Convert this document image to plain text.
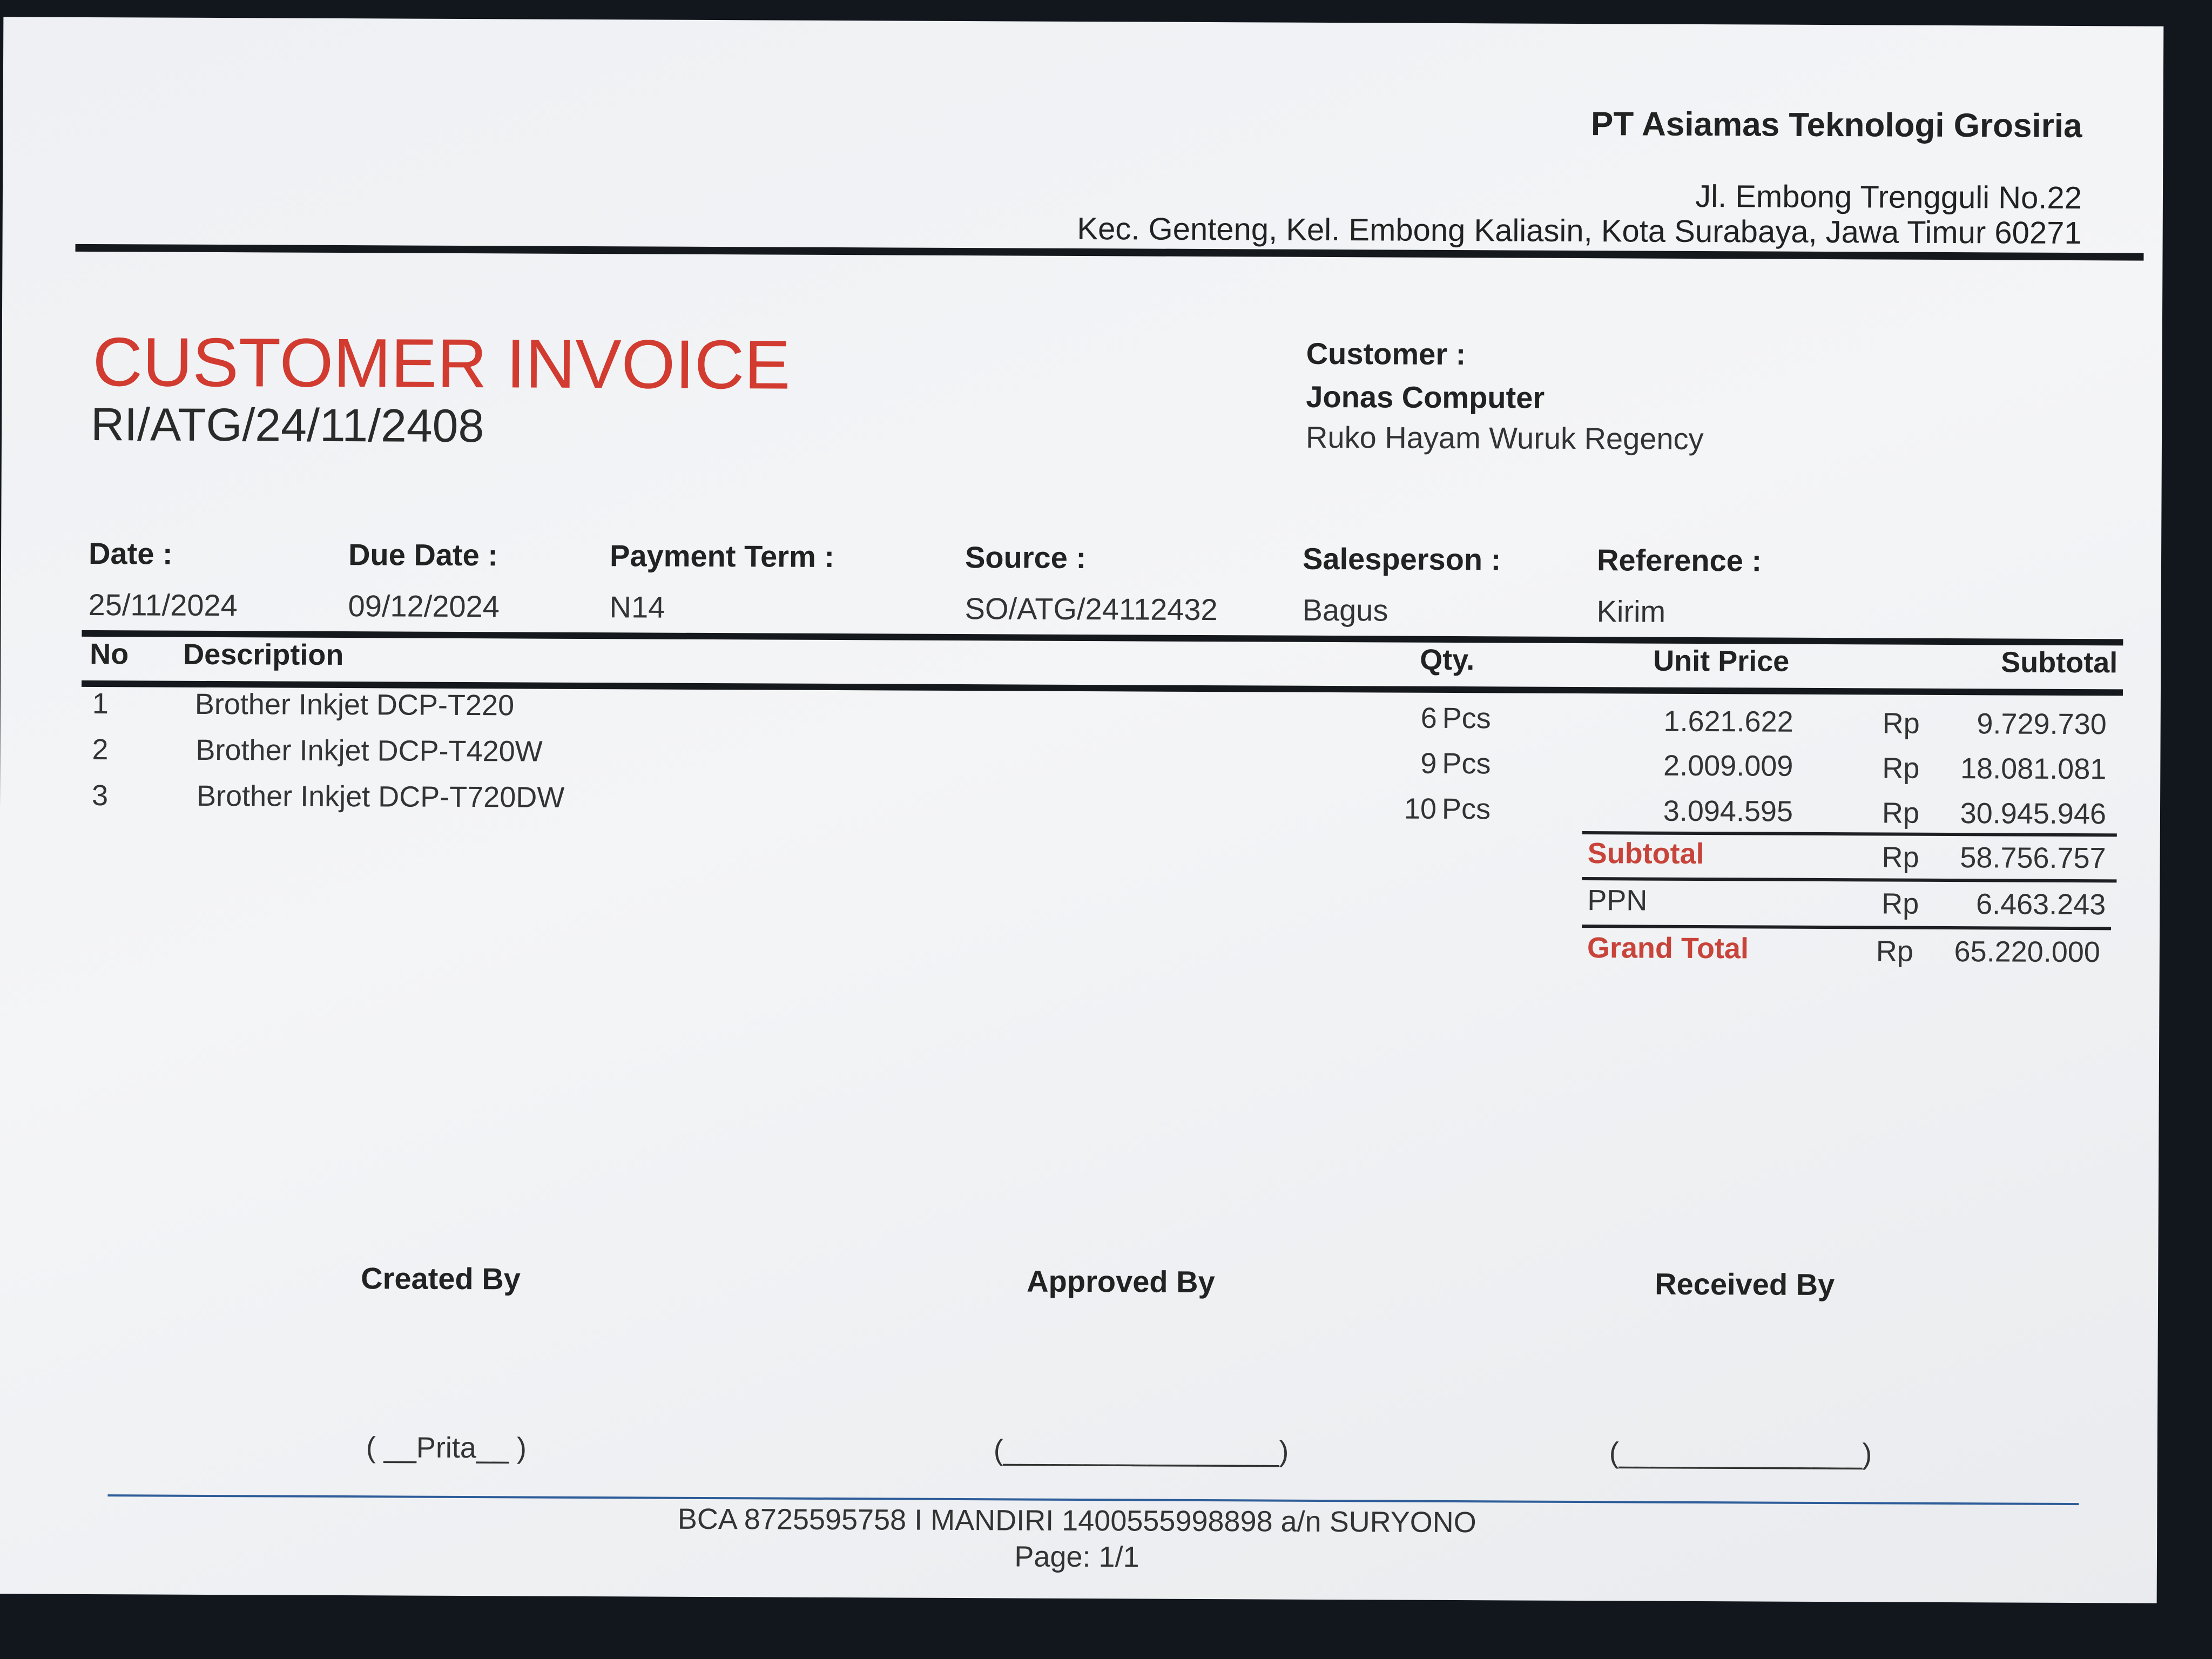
PT Asiamas Teknologi Grosiria
Jl. Embong Trengguli No.22
Kec. Genteng, Kel. Embong Kaliasin, Kota Surabaya, Jawa Timur 60271
CUSTOMER INVOICE
RI/ATG/24/11/2408
Customer :
Jonas Computer
Ruko Hayam Wuruk Regency
Date :
25/11/2024
Due Date :
09/12/2024
Payment Term :
N14
Source :
SO/ATG/24112432
Salesperson :
Bagus
Reference :
Kirim
No Description	Qty.	Unit Price	Subtotal
1	Brother Inkjet DCP-T220	6 Pcs	1.621.622	Rp	9.729.730
2	Brother Inkjet DCP-T420W	9 Pcs	2.009.009	Rp	18.081.081
3	Brother Inkjet DCP-T720DW	10 Pcs	3.094.595	Rp	30.945.946
Subtotal	Rp	58.756.757
PPN	Rp	6.463.243
Grand Total	Rp	65.220.000
Created By
( __Prita__ )
Approved By
(_________________)
Received By
(_______________)
BCA 8725595758 I MANDIRI 1400555998898 a/n SURYONO
Page: 1/1
